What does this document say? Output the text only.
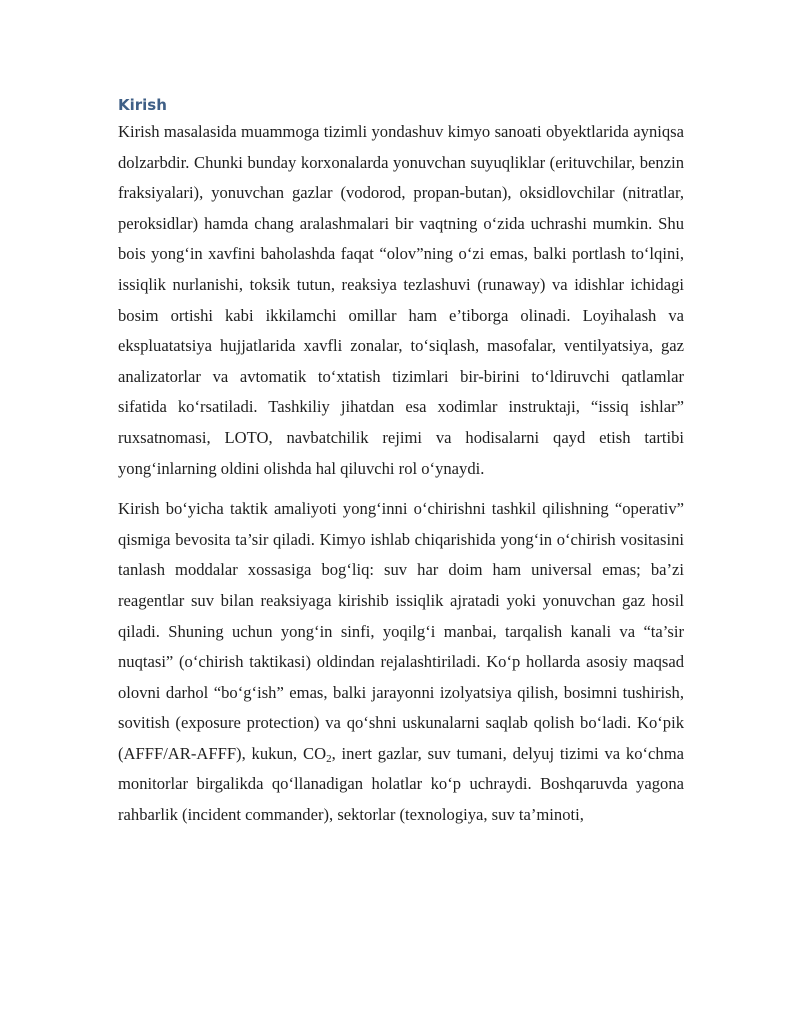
Kirish

Kirish masalasida muammoga tizimli yondashuv kimyo sanoati obyektlarida ayniqsa dolzarbdir. Chunki bunday korxonalarda yonuvchan suyuqliklar (erituvchilar, benzin fraksiyalari), yonuvchan gazlar (vodorod, propan-butan), oksidlovchilar (nitratlar, peroksidlar) hamda chang aralashmalari bir vaqtning o‘zida uchrashi mumkin. Shu bois yong‘in xavfini baholashda faqat “olov”ning o‘zi emas, balki portlash to‘lqini, issiqlik nurlanishi, toksik tutun, reaksiya tezlashuvi (runaway) va idishlar ichidagi bosim ortishi kabi ikkilamchi omillar ham e’tiborga olinadi. Loyihalash va ekspluatatsiya hujjatlarida xavfli zonalar, to‘siqlash, masofalar, ventilyatsiya, gaz analizatorlar va avtomatik to‘xtatish tizimlari bir-birini to‘ldiruvchi qatlamlar sifatida ko‘rsatiladi. Tashkiliy jihatdan esa xodimlar instruktaji, “issiq ishlar” ruxsatnomasi, LOTO, navbatchilik rejimi va hodisalarni qayd etish tartibi yong‘inlarning oldini olishda hal qiluvchi rol o‘ynaydi.

Kirish bo‘yicha taktik amaliyoti yong‘inni o‘chirishni tashkil qilishning “operativ” qismiga bevosita ta’sir qiladi. Kimyo ishlab chiqarishida yong‘in o‘chirish vositasini tanlash moddalar xossasiga bog‘liq: suv har doim ham universal emas; ba’zi reagentlar suv bilan reaksiyaga kirishib issiqlik ajratadi yoki yonuvchan gaz hosil qiladi. Shuning uchun yong‘in sinfi, yoqilg‘i manbai, tarqalish kanali va “ta’sir nuqtasi” (o‘chirish taktikasi) oldindan rejalashtiriladi. Ko‘p hollarda asosiy maqsad olovni darhol “bo‘g‘ish” emas, balki jarayonni izolyatsiya qilish, bosimni tushirish, sovitish (exposure protection) va qo‘shni uskunalarni saqlab qolish bo‘ladi. Ko‘pik (AFFF/AR-AFFF), kukun, $CO_2$, inert gazlar, suv tumani, delyuj tizimi va ko‘chma monitorlar birgalikda qo‘llanadigan holatlar ko‘p uchraydi. Boshqaruvda yagona rahbarlik (incident commander), sektorlar (texnologiya, suv ta’minoti,
